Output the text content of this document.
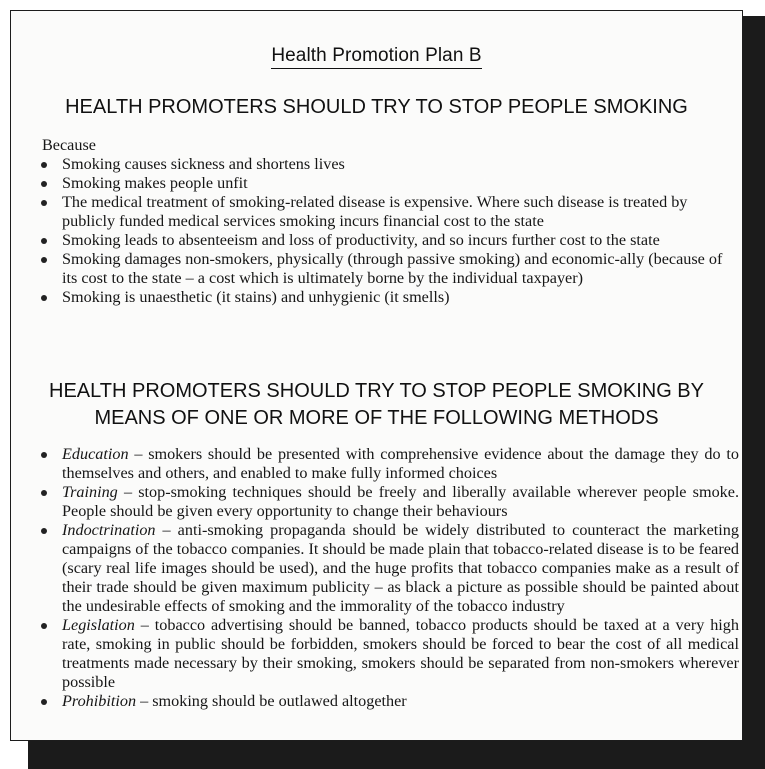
Health Promotion Plan B
HEALTH PROMOTERS SHOULD TRY TO STOP PEOPLE SMOKING
Because
Smoking causes sickness and shortens lives
Smoking makes people unfit
The medical treatment of smoking-related disease is expensive. Where such disease is treated by publicly funded medical services smoking incurs financial cost to the state
Smoking leads to absenteeism and loss of productivity, and so incurs further cost to the state
Smoking damages non-smokers, physically (through passive smoking) and economic-ally (because of its cost to the state – a cost which is ultimately borne by the individual taxpayer)
Smoking is unaesthetic (it stains) and unhygienic (it smells)
HEALTH PROMOTERS SHOULD TRY TO STOP PEOPLE SMOKING BY
MEANS OF ONE OR MORE OF THE FOLLOWING METHODS
Education – smokers should be presented with comprehensive evidence about the damage they do to themselves and others, and enabled to make fully informed choices
Training – stop-smoking techniques should be freely and liberally available wherever people smoke. People should be given every opportunity to change their behaviours
Indoctrination – anti-smoking propaganda should be widely distributed to counteract the marketing campaigns of the tobacco companies. It should be made plain that tobacco-related disease is to be feared (scary real life images should be used), and the huge profits that tobacco companies make as a result of their trade should be given maximum publicity – as black a picture as possible should be painted about the undesirable effects of smoking and the immorality of the tobacco industry
Legislation – tobacco advertising should be banned, tobacco products should be taxed at a very high rate, smoking in public should be forbidden, smokers should be forced to bear the cost of all medical treatments made necessary by their smoking, smokers should be separated from non-smokers wherever possible
Prohibition – smoking should be outlawed altogether
